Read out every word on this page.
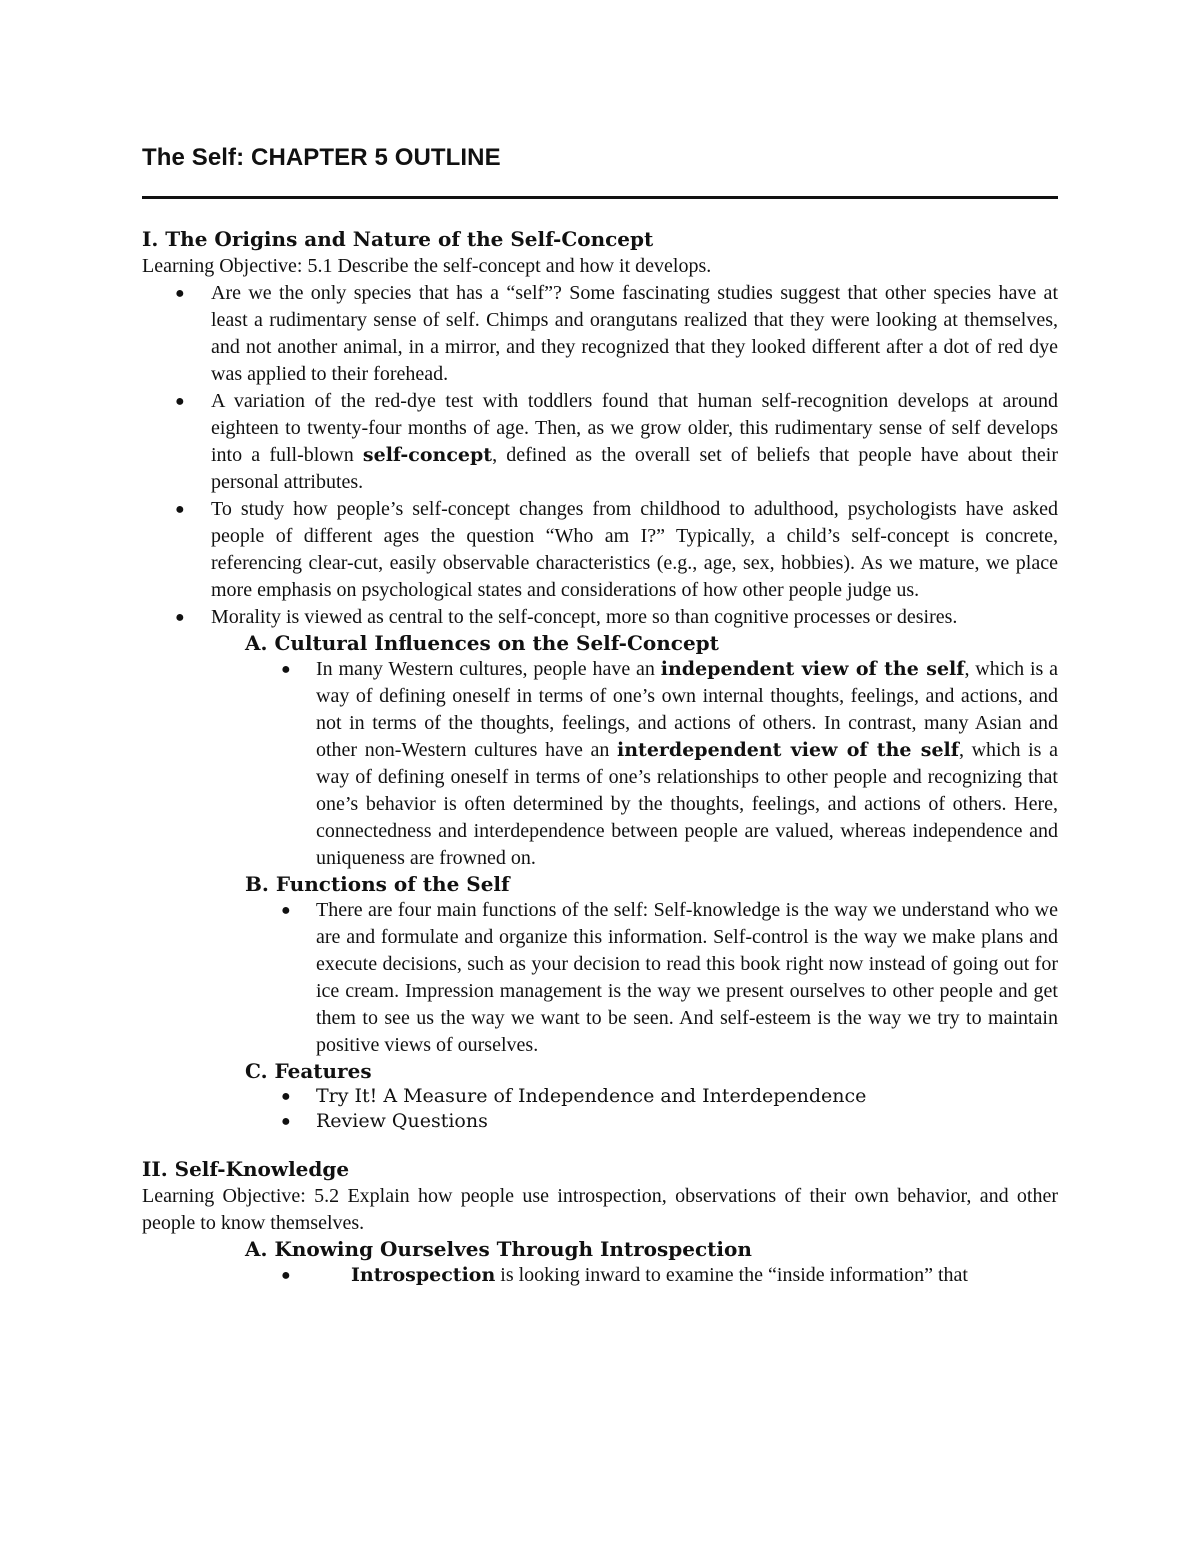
The Self: CHAPTER 5 OUTLINE
I. The Origins and Nature of the Self-Concept

Learning Objective: 5.1 Describe the self-concept and how it develops.

● Are we the only species that has a “self”? Some fascinating studies suggest that other species have at least a rudimentary sense of self. Chimps and orangutans realized that they were looking at themselves, and not another animal, in a mirror, and they recognized that they looked different after a dot of red dye was applied to their forehead.
● A variation of the red-dye test with toddlers found that human self-recognition develops at around eighteen to twenty-four months of age. Then, as we grow older, this rudimentary sense of self develops into a full-blown self-concept, defined as the overall set of beliefs that people have about their personal attributes.
● To study how people’s self-concept changes from childhood to adulthood, psychologists have asked people of different ages the question “Who am I?” Typically, a child’s self-concept is concrete, referencing clear-cut, easily observable characteristics (e.g., age, sex, hobbies). As we mature, we place more emphasis on psychological states and considerations of how other people judge us.
● Morality is viewed as central to the self-concept, more so than cognitive processes or desires.
A. Cultural Influences on the Self-Concept
● In many Western cultures, people have an independent view of the self, which is a way of defining oneself in terms of one’s own internal thoughts, feelings, and actions, and not in terms of the thoughts, feelings, and actions of others. In contrast, many Asian and other non-Western cultures have an interdependent view of the self, which is a way of defining oneself in terms of one’s relationships to other people and recognizing that one’s behavior is often determined by the thoughts, feelings, and actions of others. Here, connectedness and interdependence between people are valued, whereas independence and uniqueness are frowned on.
B. Functions of the Self
● There are four main functions of the self: Self-knowledge is the way we understand who we are and formulate and organize this information. Self-control is the way we make plans and execute decisions, such as your decision to read this book right now instead of going out for ice cream. Impression management is the way we present ourselves to other people and get them to see us the way we want to be seen. And self-esteem is the way we try to maintain positive views of ourselves.
C. Features
● Try It! A Measure of Independence and Interdependence
● Review Questions
II. Self-Knowledge

Learning Objective: 5.2 Explain how people use introspection, observations of their own behavior, and other people to know themselves.

A. Knowing Ourselves Through Introspection
●	Introspection is looking inward to examine the “inside information” that
